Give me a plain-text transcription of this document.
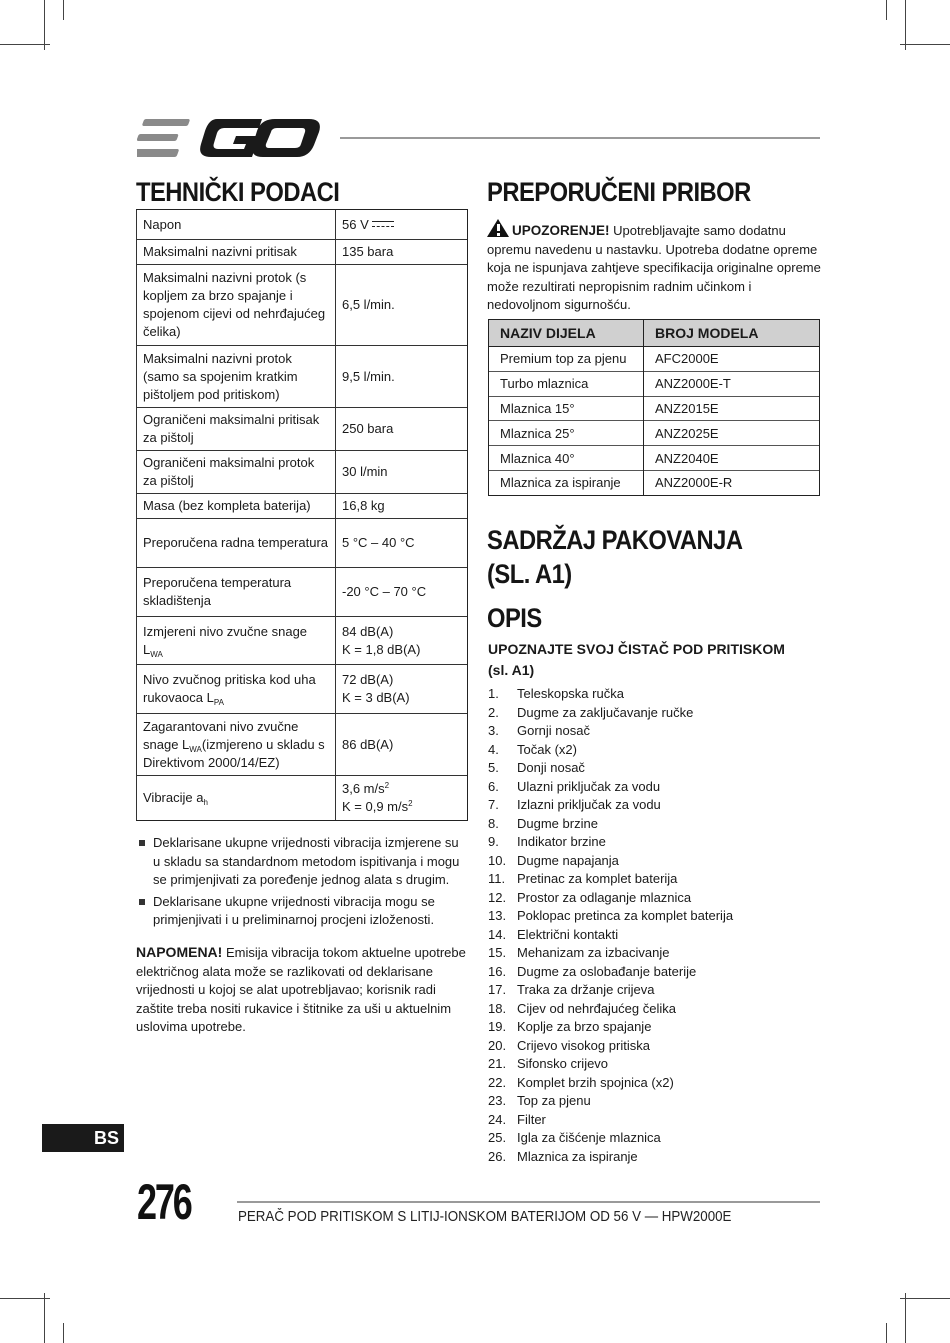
TEHNIČKI PODACI
Napon	56 V
Maksimalni nazivni pritisak	135 bara
Maksimalni nazivni protok (s kopljem za brzo spajanje i spojenom cijevi od nehrđajućeg čelika)	6,5 l/min.
Maksimalni nazivni protok (samo sa spojenim kratkim pištoljem pod pritiskom)	9,5 l/min.
Ograničeni maksimalni pritisak za pištolj	250 bara
Ograničeni maksimalni protok za pištolj	30 l/min
Masa (bez kompleta baterija)	16,8 kg
Preporučena radna temperatura	5 °C – 40 °C
Preporučena temperatura skladištenja	-20 °C – 70 °C
Izmjereni nivo zvučne snage $L_{WA}$	84 dB(A)
K = 1,8 dB(A)
Nivo zvučnog pritiska kod uha rukovaoca $L_{PA}$	72 dB(A)
K = 3 dB(A)
Zagarantovani nivo zvučne snage $L_{WA}(izmjereno$ u skladu s Direktivom 2000/14/EZ)	86 dB(A)
Vibracije $a_h$	3,6 $m/s^2$
K = 0,9 $m/s^2$
Deklarisane ukupne vrijednosti vibracija izmjerene su u skladu sa standardnom metodom ispitivanja i mogu se primjenjivati za poređenje jednog alata s drugim.
Deklarisane ukupne vrijednosti vibracija mogu se primjenjivati i u preliminarnoj procjeni izloženosti.

NAPOMENA! Emisija vibracija tokom aktuelne upotrebe električnog alata može se razlikovati od deklarisane vrijednosti u kojoj se alat upotrebljavao; korisnik radi zaštite treba nositi rukavice i štitnike za uši u aktuelnim uslovima upotrebe.

PREPORUČENI PRIBOR

UPOZORENJE! Upotrebljavajte samo dodatnu opremu navedenu u nastavku. Upotreba dodatne opreme koja ne ispunjava zahtjeve specifikacija originalne opreme može rezultirati nepropisnim radnim učinkom i nedovoljnom sigurnošću.

NAZIV DIJELA	BROJ MODELA
Premium top za pjenu	AFC2000E
Turbo mlaznica	ANZ2000E-T
Mlaznica 15°	ANZ2015E
Mlaznica 25°	ANZ2025E
Mlaznica 40°	ANZ2040E
Mlaznica za ispiranje	ANZ2000E-R
SADRŽAJ PAKOVANJA
(SL. A1)
OPIS
UPOZNAJTE SVOJ ČISTAČ POD PRITISKOM
(sl. A1)
1.	Teleskopska ručka
2.	Dugme za zaključavanje ručke
3.	Gornji nosač
4.	Točak (x2)
5.	Donji nosač
6.	Ulazni priključak za vodu
7.	Izlazni priključak za vodu
8.	Dugme brzine
9.	Indikator brzine
10. Dugme napajanja
11. Pretinac za komplet baterija
12. Prostor za odlaganje mlaznica
13. Poklopac pretinca za komplet baterija
14. Električni kontakti
15. Mehanizam za izbacivanje
16. Dugme za oslobađanje baterije
17. Traka za držanje crijeva
18. Cijev od nehrđajućeg čelika
19. Koplje za brzo spajanje
20. Crijevo visokog pritiska
21. Sifonsko crijevo
22. Komplet brzih spojnica (x2)
23. Top za pjenu
24. Filter
25. Igla za čišćenje mlaznica
26. Mlaznica za ispiranje
BS
276	PERAČ POD PRITISKOM S LITIJ-IONSKOM BATERIJOM OD 56 V — HPW2000E
